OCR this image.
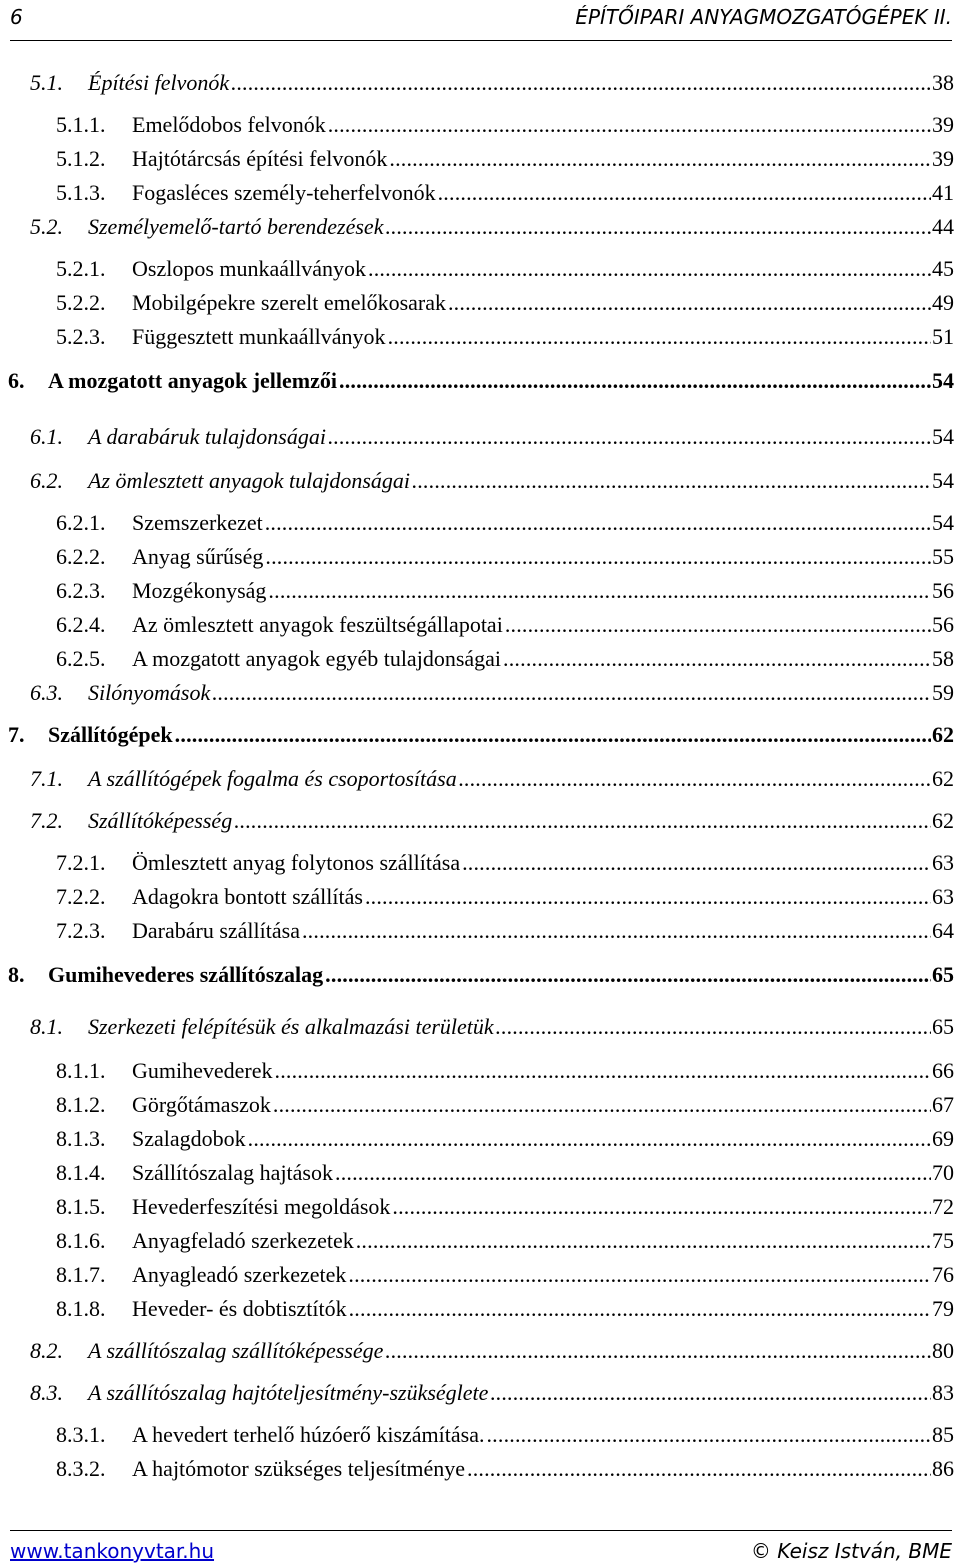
6	ÉPÍTŐIPARI ANYAGMOZGATÓGÉPEK II.
5.1. Építési felvonók .....	38
5.1.1. Emelődobos felvonók .....	39
5.1.2. Hajtótárcsás építési felvonók .....	39
5.1.3. Fogasléces személy-teherfelvonók .....	41
5.2. Személyemelő-tartó berendezések .....	44
5.2.1. Oszlopos munkaállványok .....	45
5.2.2. Mobilgépekre szerelt emelőkosarak .....	49
5.2.3. Függesztett munkaállványok .....	51
6. A mozgatott anyagok jellemzői .....	54
6.1. A darabáruk tulajdonságai .....	54
6.2. Az ömlesztett anyagok tulajdonságai .....	54
6.2.1. Szemszerkezet .....	54
6.2.2. Anyag sűrűség .....	55
6.2.3. Mozgékonyság .....	56
6.2.4. Az ömlesztett anyagok feszültségállapotai .....	56
6.2.5. A mozgatott anyagok egyéb tulajdonságai .....	58
6.3. Silónyomások .....	59
7. Szállítógépek .....	62
7.1. A szállítógépek fogalma és csoportosítása .....	62
7.2. Szállítóképesség .....	62
7.2.1. Ömlesztett anyag folytonos szállítása .....	63
7.2.2. Adagokra bontott szállítás .....	63
7.2.3. Darabáru szállítása .....	64
8. Gumihevederes szállítószalag .....	65
8.1. Szerkezeti felépítésük és alkalmazási területük .....	65
8.1.1. Gumihevederek .....	66
8.1.2. Görgőtámaszok .....	67
8.1.3. Szalagdobok .....	69
8.1.4. Szállítószalag hajtások .....	70
8.1.5. Hevederfeszítési megoldások .....	72
8.1.6. Anyagfeladó szerkezetek .....	75
8.1.7. Anyagleadó szerkezetek .....	76
8.1.8. Heveder- és dobtisztítók .....	79
8.2. A szállítószalag szállítóképessége .....	80
8.3. A szállítószalag hajtóteljesítmény-szükséglete .....	83
8.3.1. A hevedert terhelő húzóerő kiszámítása. .....	85
8.3.2. A hajtómotor szükséges teljesítménye .....	86
www.tankonyvtar.hu	© Keisz István, BME
